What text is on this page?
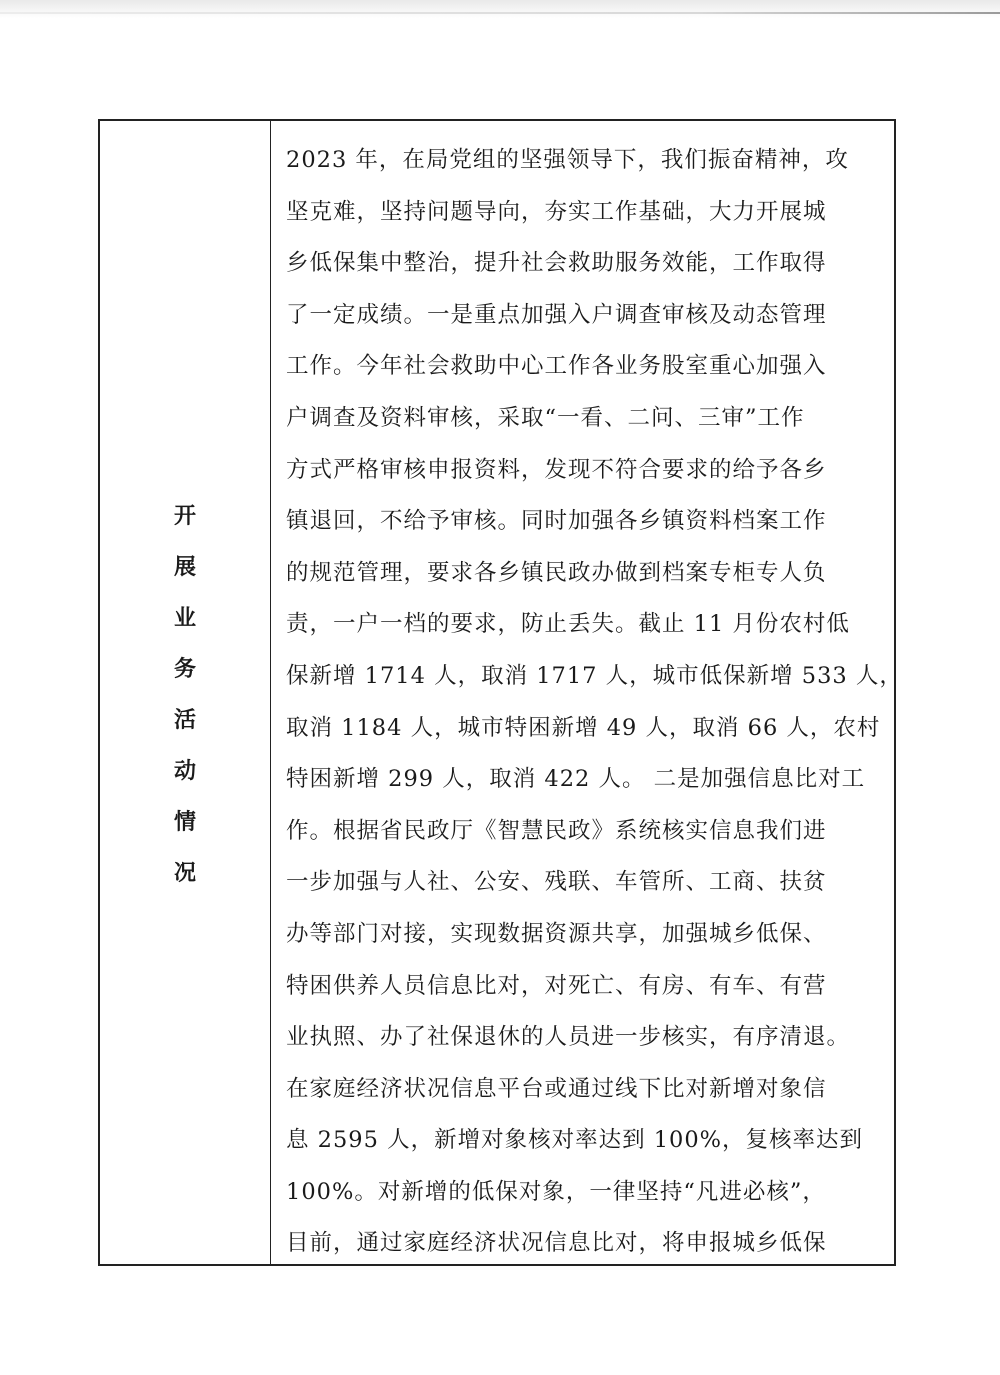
开
展
业
务
活
动
情
况
2023 年，在局党组的坚强领导下，我们振奋精神，攻
坚克难，坚持问题导向，夯实工作基础，大力开展城
乡低保集中整治，提升社会救助服务效能，工作取得
了一定成绩。一是重点加强入户调查审核及动态管理
工作。今年社会救助中心工作各业务股室重心加强入
户调查及资料审核，采取“一看、二问、三审”工作
方式严格审核申报资料，发现不符合要求的给予各乡
镇退回，不给予审核。同时加强各乡镇资料档案工作
的规范管理，要求各乡镇民政办做到档案专柜专人负
责，一户一档的要求，防止丢失。截止 11 月份农村低
保新增 1714 人，取消 1717 人，城市低保新增 533 人，
取消 1184 人，城市特困新增 49 人，取消 66 人，农村
特困新增 299 人，取消 422 人。 二是加强信息比对工
作。根据省民政厅《智慧民政》系统核实信息我们进
一步加强与人社、公安、残联、车管所、工商、扶贫
办等部门对接，实现数据资源共享，加强城乡低保、
特困供养人员信息比对，对死亡、有房、有车、有营
业执照、办了社保退休的人员进一步核实，有序清退。
在家庭经济状况信息平台或通过线下比对新增对象信
息 2595 人，新增对象核对率达到 100%，复核率达到
100%。对新增的低保对象，一律坚持“凡进必核”，
目前，通过家庭经济状况信息比对，将申报城乡低保
